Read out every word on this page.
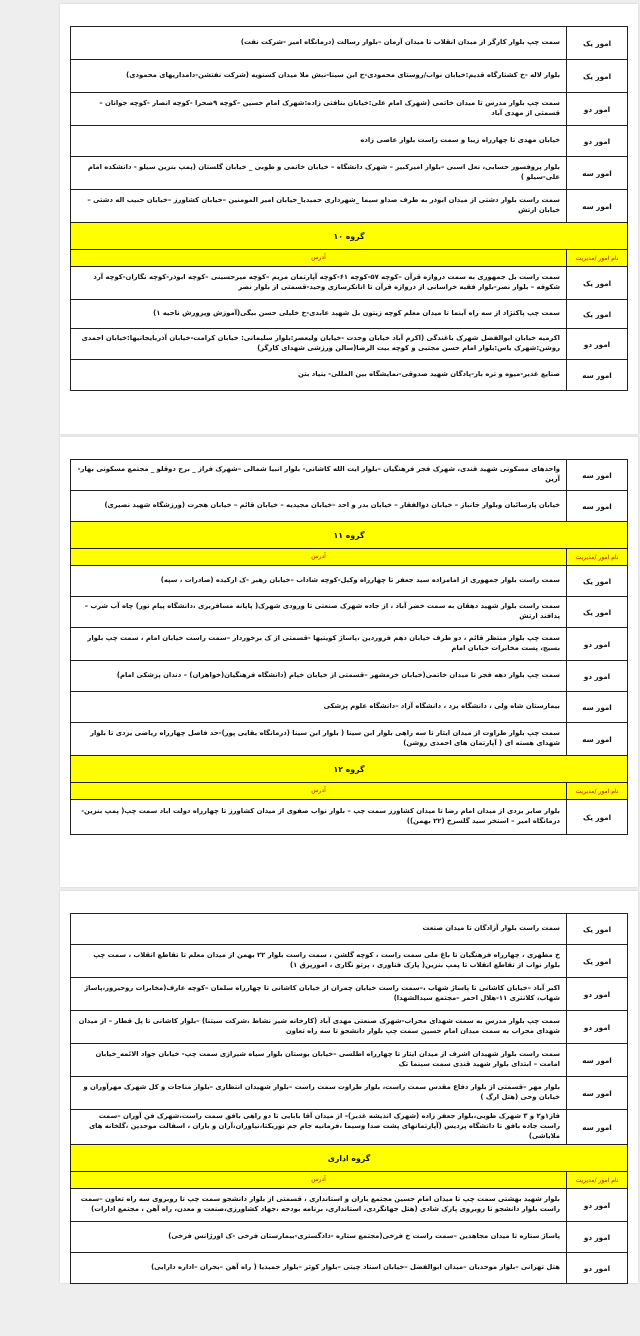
امور یک
سمت چپ بلوار کارگر از میدان انقلاب تا میدان آرمان –بلوار رسالت (درمانگاه امیر -شرکت نفت)
امور یک
بلوار لاله -خ کشتارگاه قدیم:خیابان نواب/روستای محمودی-خ ابن سینا-نبش ملا میدان کسنویه (شرکت نفتشن-دامداریهای محمودی)
امور دو
سمت چپ بلوار مدرس تا میدان خاتمی (شهرک امام علی:خیابان بنافتی زاده:شهرک امام حسین –کوچه ۹صحرا -کوچه انصار -کوچه جوانان –قسمتی از مهدی آباد
امور دو
خیابان مهدی تا چهارراه زیبا و سمت راست بلوار عاصی زاده
امور سه
بلوار پروفسور حسابی، نعل اسبی –بلوار امیرکبیر – شهرک دانشگاه – خیابان خاتمی و طوبی _ خیابان گلستان (پمپ بنزین سیلو - دانشکده امام علی-سیلو )
امور سه
سمت راست بلوار دشتی از میدان ابوذر به طرف صداو سیما _شهرداری حمیدیا_خیابان امیر المومنین –خیابان کشاورز –خیابان حبیب اله دشتی –خیابان ارتش
گروه ۱۰
نام امور /مدیریت
آدرس
امور یک
سمت راست بل جمهوری به سمت دروازه قرآن –کوچه ۵۷-کوچه ۶۱-کوچه آپارتمان مریم –کوچه میرحسینی –کوچه ابوذر-کوچه نگاران-کوچه آرد شکوفه – بلوار نصر-بلوار فقیه خراسانی از دروازه قرآن تا انانکرسازی وحید-قسمتی از بلوار نصر
امور یک
سمت چپ پاکنژاد از سه راه آبنما تا میدان معلم کوچه زیتون بل شهید عابدی-خ خلیلی حسن بیگی(آموزش وپرورش ناحیه ۱)
امور دو
اکرمیه خیابان ابوالفضل شهرک باغندگی (اکرم آباد خیابان وحدت -خیابان ولیعصر:بلوار سلیمانی: خیابان کرامت-خیابان آذربایجانیها:خیابان احمدی روشن:شهرک یاس:بلوار امام حسن مجتبی و کوچه بیت الرضا(سالن ورزشی شهدای کارگر)
امور سه
صنایع غدیر-میوه و تره بار-پادگان شهید صدوقی-نمایشگاه بین المللی- بنیاد بتن
امور سه
واحدهای مسکونی شهید قندی، شهرک فجر فرهنگیان –بلوار ایت الله کاشانی- بلوار انبیا شمالی –شهرک فراز _ برج دوقلو _ مجتمع مسکونی بهار-آرین
امور سه
خیابان پارسائیان وبلوار جانباز – خیابان ذوالفقار – خیابان بدر و احد –خیابان مجیدیه – خیابان قائم – خیابان هجرت (ورزشگاه شهید نصیری)
گروه ۱۱
نام امور /مدیریت
آدرس
امور یک
سمت راست بلوار جمهوری از امامزاده سید جعفر تا چهارراه وکیل-کوچه شاداب –خیابان رهبر -ک ارکیده (صادرات ، سپه)
امور یک
سمت راست بلوار شهید دهقان به سمت خضر آباد ، از جاده شهرک صنعتی تا ورودی شهرک( پایانه مسافربری ،دانشگاه پیام نور) چاه آب شرب –پدافند ارتش
امور دو
سمت چپ بلوار منتظر قائم ، دو طرف خیابان دهم فروردین ،پاساژ کویتیها -قسمتی از ک برخوردار –سمت راست خیابان امام ، سمت چپ بلوار بسیج، پست مخابرات خیابان امام
امور دو
سمت چپ بلوار دهه فجر تا میدان خاتمی(خیابان خرمشهر –قسمتی از خیابان خیام (دانشگاه فرهنگیان(خواهران) – دندان پزشکی امام)
امور سه
بیمارستان شاه ولی ، دانشگاه یزد ، دانشگاه آزاد –دانشگاه علوم پزشکی
امور سه
سمت چپ بلوار طراوت از میدان ایثار تا سه راهی بلوار ابن سینا ( بلوار ابن سینا (درمانگاه بقایی پور)-حد فاصل چهارراه ریاضی یزدی تا بلوار شهدای هسته ای ( آپارتمان های احمدی روشن)
گروه ۱۲
نام امور /مدیریت
آدرس
امور یک
بلوار صابر یزدی از میدان امام رضا تا میدان کشاورز سمت چپ – بلوار نواب صفوی از میدان کشاورز تا چهارراه دولت اباد سمت چپ( پمپ بنزین-درمانگاه امیر – استخر سید گلسرخ (۲۲ بهمن))
امور یک
سمت راست بلوار آزادگان تا میدان صنعت
امور یک
خ مطهری ، چهارراه فرهنگیان تا باغ ملی سمت راست ، کوچه گلشن ، سمت راست بلوار ۲۲ بهمن از میدان معلم تا تقاطع انقلاب ، سمت چپ بلوار نواب از تقاطع انقلاب تا پمپ بنزین( پارک فناوری ، پرتو نگاری ، امورپرق ۱)
امور دو
اکبر آباد –خیابان کاشانی تا پاساژ شهاب ،–سمت راست خیابان چمران از خیابان کاشانی تا چهارراه سلمان –کوچه عارف(مخابرات روحیرور،پاساژ شهاب، کلانتری ۱۱-هلال احمر –مجتمع سیدالشهدا)
امور دو
سمت چپ بلوار مدرس به سمت شهدای محراب-شهرک صنعتی مهدی آباد (کارخانه شیر نشاط ،شرکت سیتنا) –بلوار کاشانی تا پل قطار – از میدان شهدای محراب به سمت میدان امام حسین سمت چپ بلوار دانشجو تا سه راه تعاون
امور سه
سمت راست بلوار شهیدان اشرف از میدان ایثار تا چهارراه اطلسی –خیابان بوستان بلوار سیاه شیرازی سمت چپ- خیابان جواد الائمه_خیابان امامت – ابتدای بلوار شهید قندی سمت سینما تک
امور سه
بلوار مهر –قسمتی از بلوار دفاع مقدس سمت راست، بلوار طراوت سمت راست –بلوار شهیدان انتظاری –بلوار مناجات و کل شهرک مهرآوران و خیابان وحی (هتل ارگ )
امور سه
فاز۱و۲ و ۳ شهرک طوبی،بلوار جعفر زاده (شهرک اندیشه غدیر)– از میدان آقا بابایی تا دو راهی بافق سمت راست،شهرک فن آوران –سمت راست جاده بافق تا دانشگاه پردیس (آپارتمانهای پشت صدا وسیما ،فرمانیه جام جم نوریکتا،نیاوران،آران و باران ، اسفالت موحدین ،گلخانه های ملایاشی)
گروه اداری
نام امور /مدیریت
آدرس
امور دو
بلوار شهید بهشتی سمت چپ تا میدان امام حسین مجتمع باران و استانداری ، قسمتی از بلوار دانشجو سمت چپ تا روبروی سه راه تعاون –سمت راست بلوار دانشجو تا روبروی پارک شادی (هتل جهانگردی، استانداری، برنامه بودجه ،جهاد کشاورزی،صنعت و معدن، راه آهن ، مجتمع ادارات)
امور دو
پاساژ ستاره تا میدان مجاهدین –سمت راست خ فرخی(مجتمع ستاره -دادگستری-بیمارستان فرخی -ک اورژانس فرخی)
امور دو
هتل تهرانی –بلوار موحدیان –میدان ابوالفضل –خیابان استاد چیتی –بلوار کوثر –بلوار حمیدیا ( راه آهن –بحران –اداره دارایی)
